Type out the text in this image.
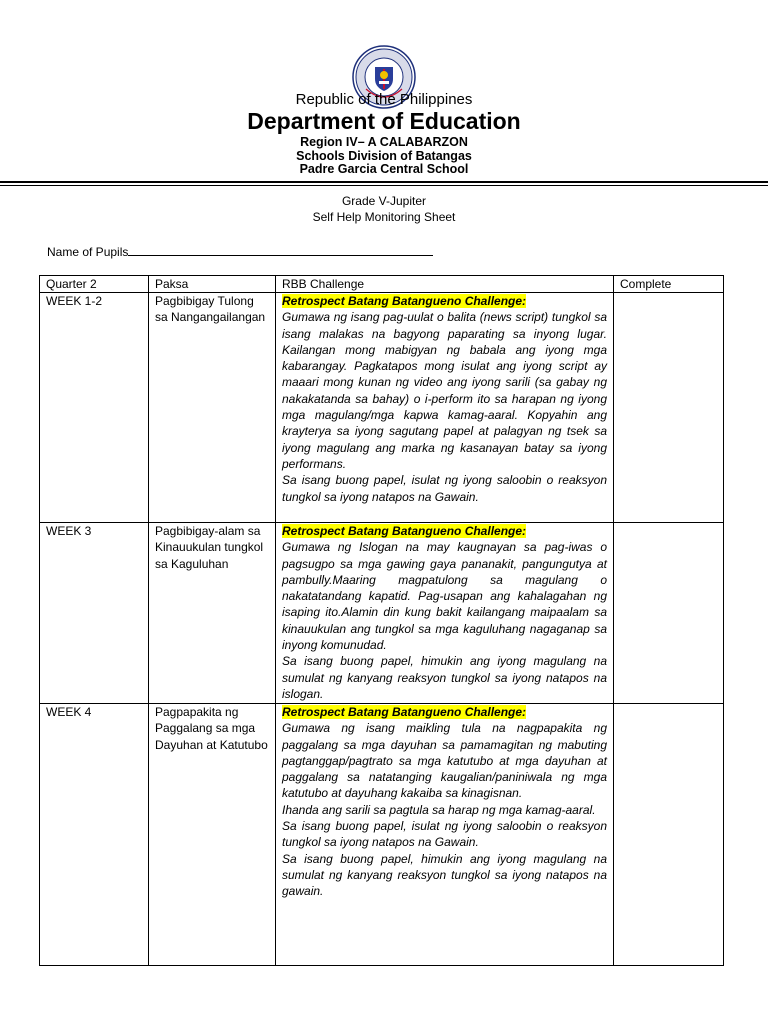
Republic of the Philippines
Department of Education
Region IV– A CALABARZON
Schools Division of Batangas
Padre Garcia Central School
Grade V-Jupiter
Self Help Monitoring Sheet
Name of Pupils
Quarter 2	Paksa	RBB Challenge	Complete
WEEK 1-2	Pagbibigay Tulong sa Nangangailangan	Retrospect Batang Batangueno Challenge:

Gumawa ng isang pag-uulat o balita (news script) tungkol sa isang malakas na bagyong paparating sa inyong lugar. Kailangan mong mabigyan ng babala ang iyong mga kabarangay. Pagkatapos mong isulat ang iyong script ay maaari mong kunan ng video ang iyong sarili (sa gabay ng nakakatanda sa bahay) o i-perform ito sa harapan ng iyong mga magulang/mga kapwa kamag-aaral. Kopyahin ang krayterya sa iyong sagutang papel at palagyan ng tsek sa iyong magulang ang marka ng kasanayan batay sa iyong performans.

Sa isang buong papel, isulat ng iyong saloobin o reaksyon tungkol sa iyong natapos na Gawain.	

WEEK 3	Pagbibigay-alam sa Kinauukulan tungkol sa Kaguluhan	Retrospect Batang Batangueno Challenge:

Gumawa ng Islogan na may kaugnayan sa pag-iwas o pagsugpo sa mga gawing gaya pananakit, pangungutya at pambully.Maaring magpatulong sa magulang o nakatatandang kapatid. Pag-usapan ang kahalagahan ng isaping ito.Alamin din kung bakit kailangang maipaalam sa kinauukulan ang tungkol sa mga kaguluhang nagaganap sa inyong komunudad.

Sa isang buong papel, himukin ang iyong magulang na sumulat ng kanyang reaksyon tungkol sa iyong natapos na islogan.	

WEEK 4	Pagpapakita ng Paggalang sa mga Dayuhan at Katutubo	Retrospect Batang Batangueno Challenge:

Gumawa ng isang maikling tula na nagpapakita ng paggalang sa mga dayuhan sa pamamagitan ng mabuting pagtanggap/pagtrato sa mga katutubo at mga dayuhan at paggalang sa natatanging kaugalian/paniniwala ng mga katutubo at dayuhang kakaiba sa kinagisnan.

Ihanda ang sarili sa pagtula sa harap ng mga kamag-aaral.

Sa isang buong papel, isulat ng iyong saloobin o reaksyon tungkol sa iyong natapos na Gawain.

Sa isang buong papel, himukin ang iyong magulang na sumulat ng kanyang reaksyon tungkol sa iyong natapos na gawain.	
